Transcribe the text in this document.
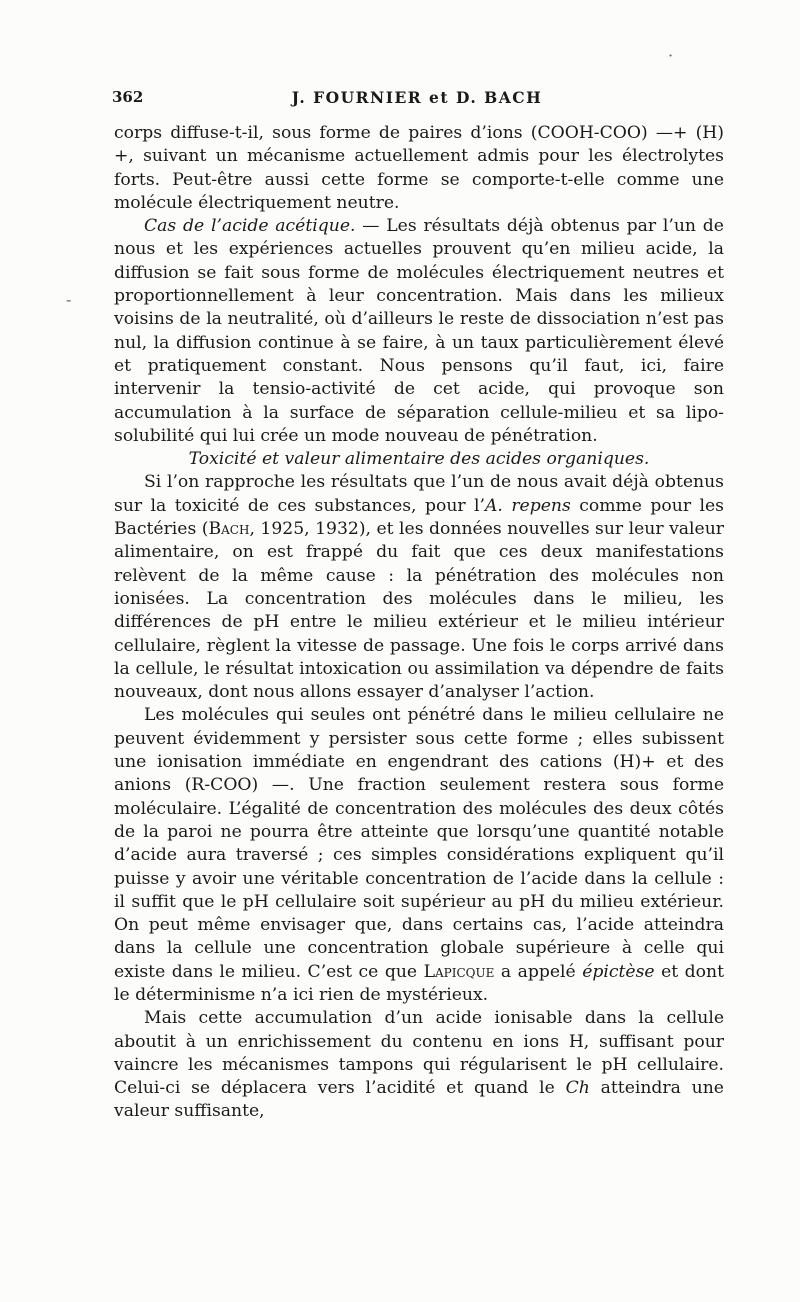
362	J. FOURNIER et D. BACH
·
-

corps diffuse-t-il, sous forme de paires d’ions (COOH-COO) —+ (H) +, suivant un mécanisme actuellement admis pour les électrolytes forts. Peut-être aussi cette forme se comporte-t-elle comme une molécule électriquement neutre.

Cas de l’acide acétique. — Les résultats déjà obtenus par l’un de nous et les expériences actuelles prouvent qu’en milieu acide, la diffusion se fait sous forme de molécules électriquement neutres et proportionnellement à leur concentration. Mais dans les milieux voisins de la neutralité, où d’ailleurs le reste de dissociation n’est pas nul, la diffusion continue à se faire, à un taux particulièrement élevé et pratiquement constant. Nous pensons qu’il faut, ici, faire intervenir la tensio-activité de cet acide, qui provoque son accumulation à la surface de séparation cellule-milieu et sa lipo-solubilité qui lui crée un mode nouveau de pénétration.

Toxicité et valeur alimentaire des acides organiques.

Si l’on rapproche les résultats que l’un de nous avait déjà obtenus sur la toxicité de ces substances, pour l’A. repens comme pour les Bactéries (Bach, 1925, 1932), et les données nouvelles sur leur valeur alimentaire, on est frappé du fait que ces deux manifestations relèvent de la même cause : la pénétration des molécules non ionisées. La concentration des molécules dans le milieu, les différences de pH entre le milieu extérieur et le milieu intérieur cellulaire, règlent la vitesse de passage. Une fois le corps arrivé dans la cellule, le résultat intoxication ou assimilation va dépendre de faits nouveaux, dont nous allons essayer d’analyser l’action.

Les molécules qui seules ont pénétré dans le milieu cellulaire ne peuvent évidemment y persister sous cette forme ; elles subissent une ionisation immédiate en engendrant des cations (H)+ et des anions (R-COO) —. Une fraction seulement restera sous forme moléculaire. L’égalité de concentration des molécules des deux côtés de la paroi ne pourra être atteinte que lorsqu’une quantité notable d’acide aura traversé ; ces simples considérations expliquent qu’il puisse y avoir une véritable concentration de l’acide dans la cellule : il suffit que le pH cellulaire soit supérieur au pH du milieu extérieur. On peut même envisager que, dans certains cas, l’acide atteindra dans la cellule une concentration globale supérieure à celle qui existe dans le milieu. C’est ce que Lapicque a appelé épictèse et dont le déterminisme n’a ici rien de mystérieux.

Mais cette accumulation d’un acide ionisable dans la cellule aboutit à un enrichissement du contenu en ions H, suffisant pour vaincre les mécanismes tampons qui régularisent le pH cellulaire. Celui-ci se déplacera vers l’acidité et quand le Ch atteindra une valeur suffisante,
